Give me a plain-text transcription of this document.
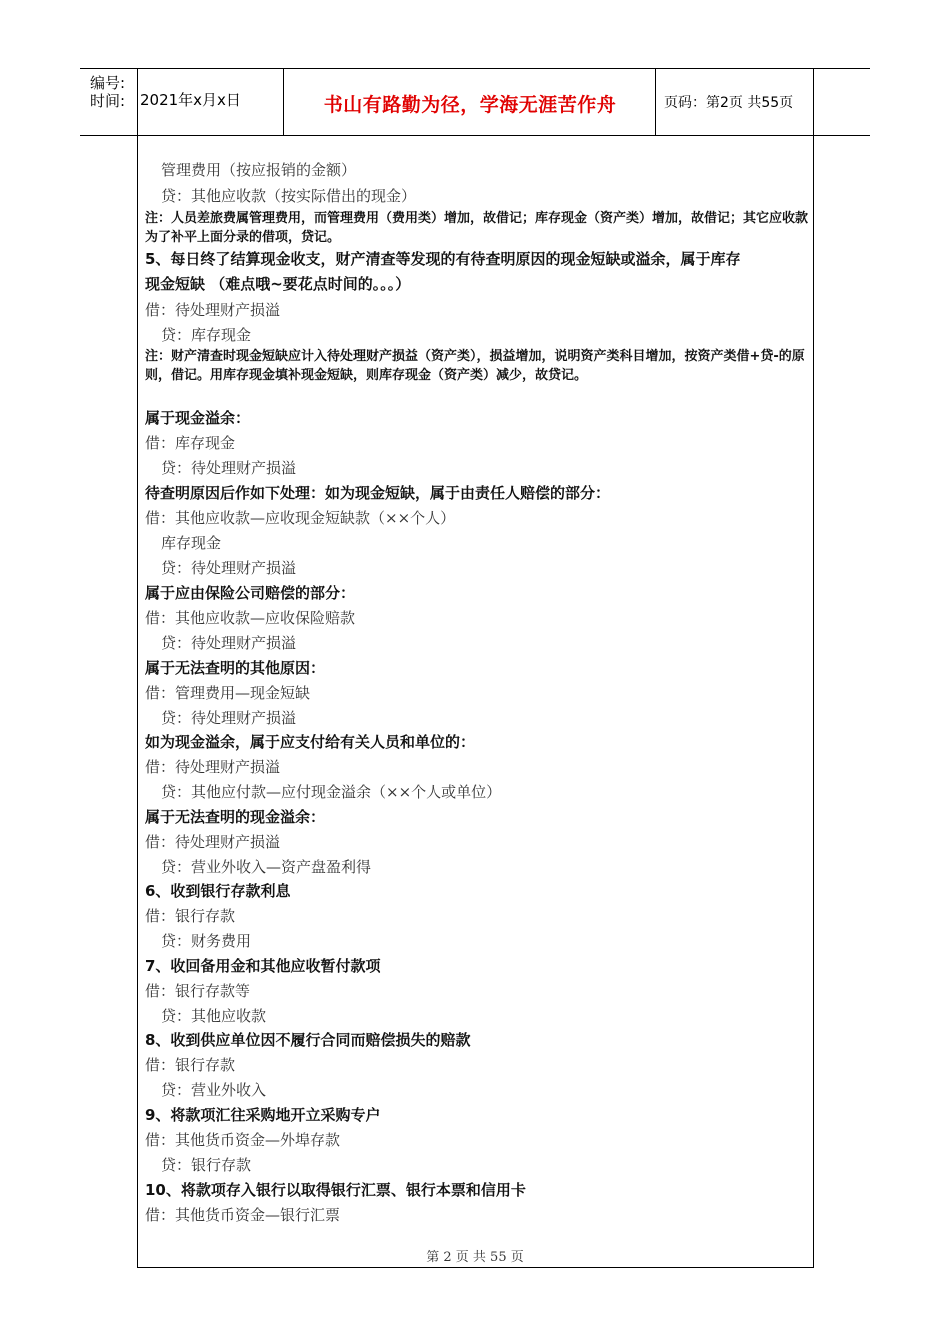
编号:
时间: 2021年x月x日	书山有路勤为径，学海无涯苦作舟	页码：第2页 共55页
管理费用（按应报销的金额）
贷：其他应收款（按实际借出的现金）
注：人员差旅费属管理费用，而管理费用（费用类）增加，故借记；库存现金（资产类）增加，故借记；其它应收款为了补平上面分录的借项，贷记。
5、每日终了结算现金收支，财产清查等发现的有待查明原因的现金短缺或溢余，属于库存
现金短缺 （难点哦~要花点时间的。。。）
借：待处理财产损溢
贷：库存现金
注：财产清查时现金短缺应计入待处理财产损益（资产类），损益增加，说明资产类科目增加，按资产类借+贷-的原则，借记。用库存现金填补现金短缺，则库存现金（资产类）减少，故贷记。
属于现金溢余：
借：库存现金
贷：待处理财产损溢
待查明原因后作如下处理：如为现金短缺，属于由责任人赔偿的部分：
借：其他应收款—应收现金短缺款（××个人）
库存现金
贷：待处理财产损溢
属于应由保险公司赔偿的部分：
借：其他应收款—应收保险赔款
贷：待处理财产损溢
属于无法查明的其他原因：
借：管理费用—现金短缺
贷：待处理财产损溢
如为现金溢余，属于应支付给有关人员和单位的：
借：待处理财产损溢
贷：其他应付款—应付现金溢余（××个人或单位）
属于无法查明的现金溢余：
借：待处理财产损溢
贷：营业外收入—资产盘盈利得
6、收到银行存款利息
借：银行存款
贷：财务费用
7、收回备用金和其他应收暂付款项
借：银行存款等
贷：其他应收款
8、收到供应单位因不履行合同而赔偿损失的赔款
借：银行存款
贷：营业外收入
9、将款项汇往采购地开立采购专户
借：其他货币资金—外埠存款
贷：银行存款
10、将款项存入银行以取得银行汇票、银行本票和信用卡
借：其他货币资金—银行汇票
第 2 页 共 55 页
